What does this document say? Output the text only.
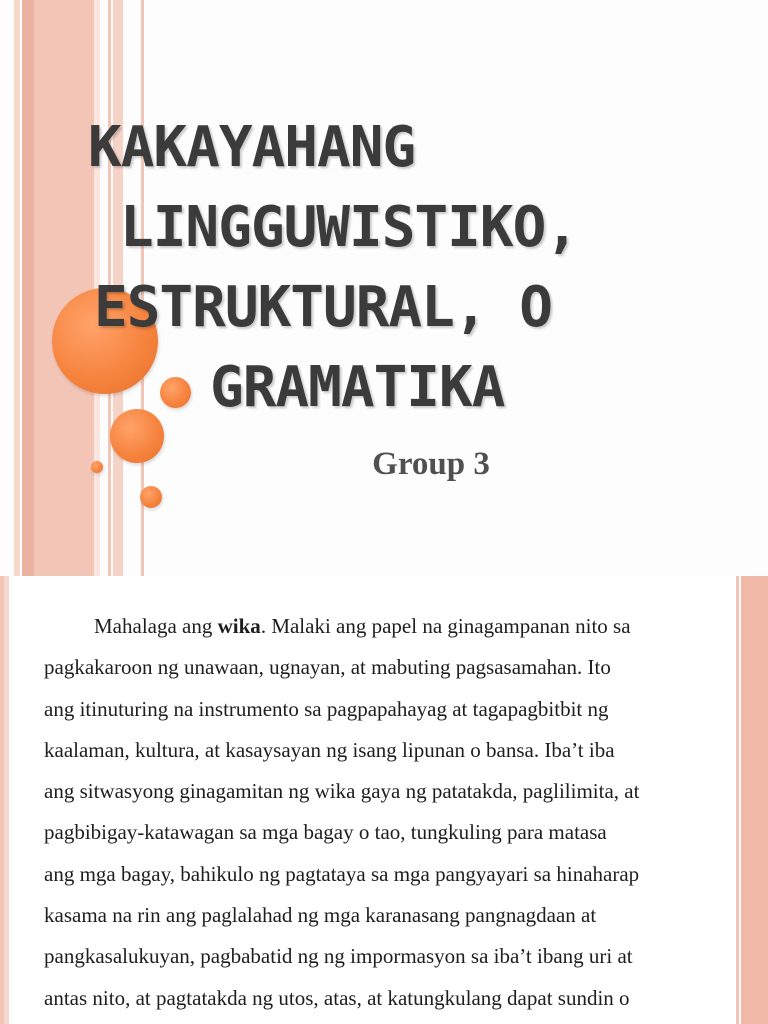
KAKAYAHANG
LINGGUWISTIKO,
ESTRUKTURAL, O
GRAMATIKA
Group 3
Mahalaga ang wika. Malaki ang papel na ginagampanan nito sa
pagkakaroon ng unawaan, ugnayan, at mabuting pagsasamahan. Ito
ang itinuturing na instrumento sa pagpapahayag at tagapagbitbit ng
kaalaman, kultura, at kasaysayan ng isang lipunan o bansa. Iba’t iba
ang sitwasyong ginagamitan ng wika gaya ng patatakda, paglilimita, at
pagbibigay-katawagan sa mga bagay o tao, tungkuling para matasa
ang mga bagay, bahikulo ng pagtataya sa mga pangyayari sa hinaharap
kasama na rin ang paglalahad ng mga karanasang pangnagdaan at
pangkasalukuyan, pagbabatid ng ng impormasyon sa iba’t ibang uri at
antas nito, at pagtatakda ng utos, atas, at katungkulang dapat sundin o
